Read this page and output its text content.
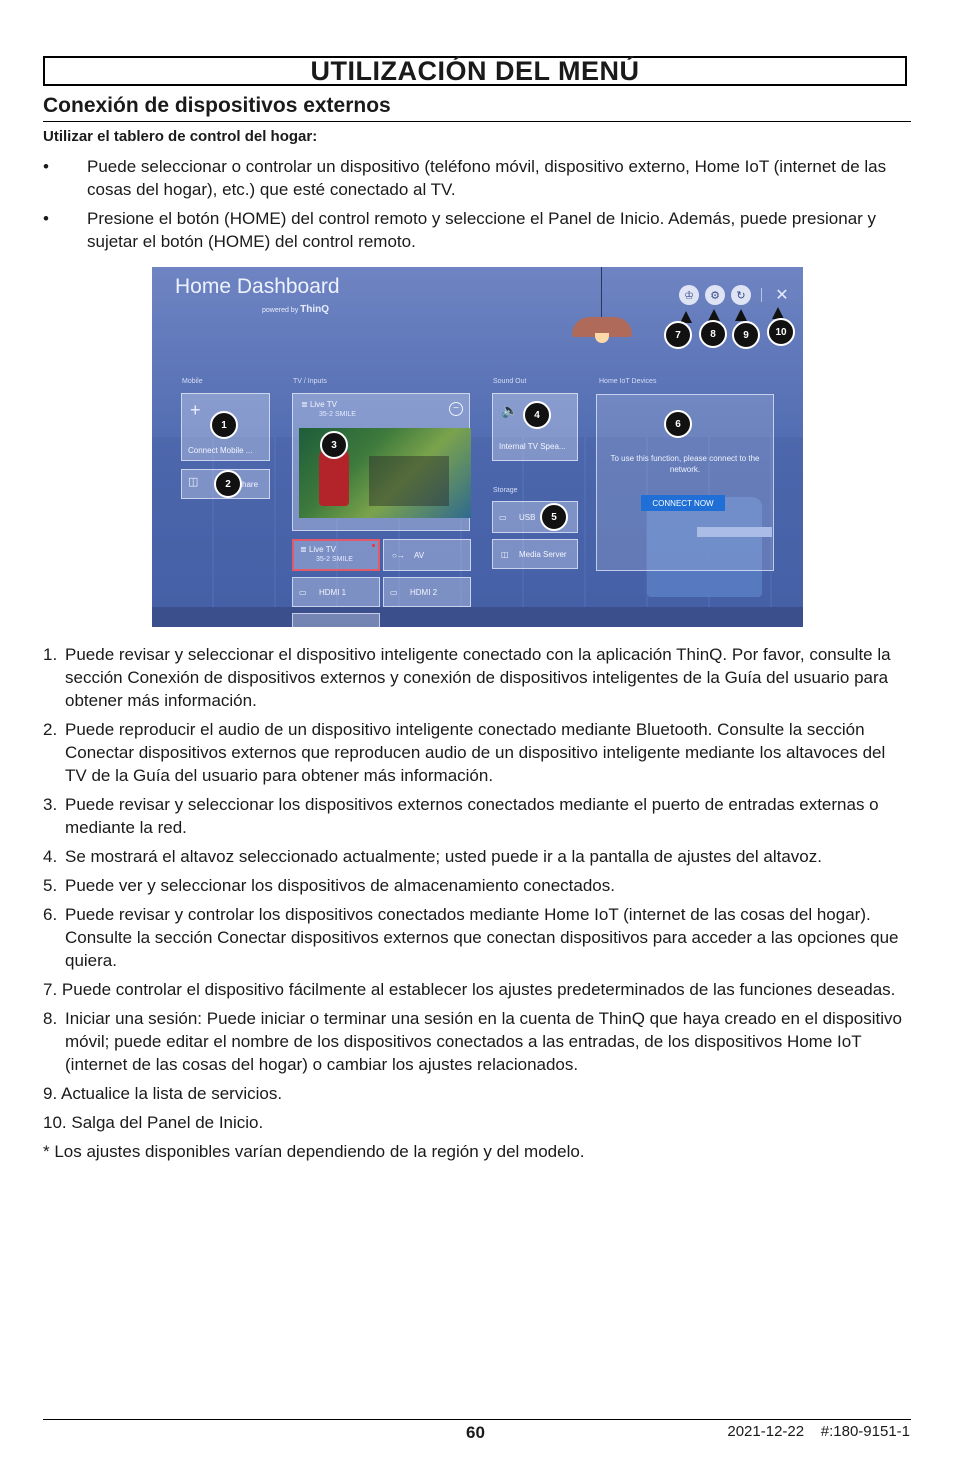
UTILIZACIÓN DEL MENÚ
Conexión de dispositivos externos
Utilizar el tablero de control del hogar:
•	Puede seleccionar o controlar un dispositivo (teléfono móvil, dispositivo externo, Home IoT (internet de las cosas del hogar), etc.) que esté conectado al TV.
•	Presione el botón (HOME) del control remoto y seleccione el Panel de Inicio. Además, puede presionar y sujetar el botón (HOME) del control remoto.
Home Dashboard
powered by ThinQ
♔	⚙	↻	✕
Mobile	TV / Inputs	Sound Out	Home IoT Devices
Storage
+
Connect Mobile ...
◫	hare
≣ Live TV
35-2 SMILE
−
≣ Live TV
35-2 SMILE	○→ AV
▭ HDMI 1	▭ HDMI 2
🔈
Internal TV Spea...
▭ USB
◫ Media Server
To use this function, please connect to the network.
CONNECT NOW
1
2
3
4
5
6
7	8	9	10
1. Puede revisar y seleccionar el dispositivo inteligente conectado con la aplicación ThinQ. Por favor, consulte la sección Conexión de dispositivos externos y conexión de dispositivos inteligentes de la Guía del usuario para obtener más información.
2. Puede reproducir el audio de un dispositivo inteligente conectado mediante Bluetooth. Consulte la sección Conectar dispositivos externos que reproducen audio de un dispositivo inteligente mediante los altavoces del TV de la Guía del usuario para obtener más información.
3. Puede revisar y seleccionar los dispositivos externos conectados mediante el puerto de entradas externas o mediante la red.
4. Se mostrará el altavoz seleccionado actualmente; usted puede ir a la pantalla de ajustes del altavoz.
5. Puede ver y seleccionar los dispositivos de almacenamiento conectados.
6. Puede revisar y controlar los dispositivos conectados mediante Home IoT (internet de las cosas del hogar). Consulte la sección Conectar dispositivos externos que conectan dispositivos para acceder a las opciones que quiera.
7. Puede controlar el dispositivo fácilmente al establecer los ajustes predeterminados de las funciones deseadas.
8. Iniciar una sesión: Puede iniciar o terminar una sesión en la cuenta de ThinQ que haya creado en el dispositivo móvil; puede editar el nombre de los dispositivos conectados a las entradas, de los dispositivos Home IoT (internet de las cosas del hogar) o cambiar los ajustes relacionados.
9. Actualice la lista de servicios.
10. Salga del Panel de Inicio.
* Los ajustes disponibles varían dependiendo de la región y del modelo.
60	2021-12-22    #:180-9151-1
